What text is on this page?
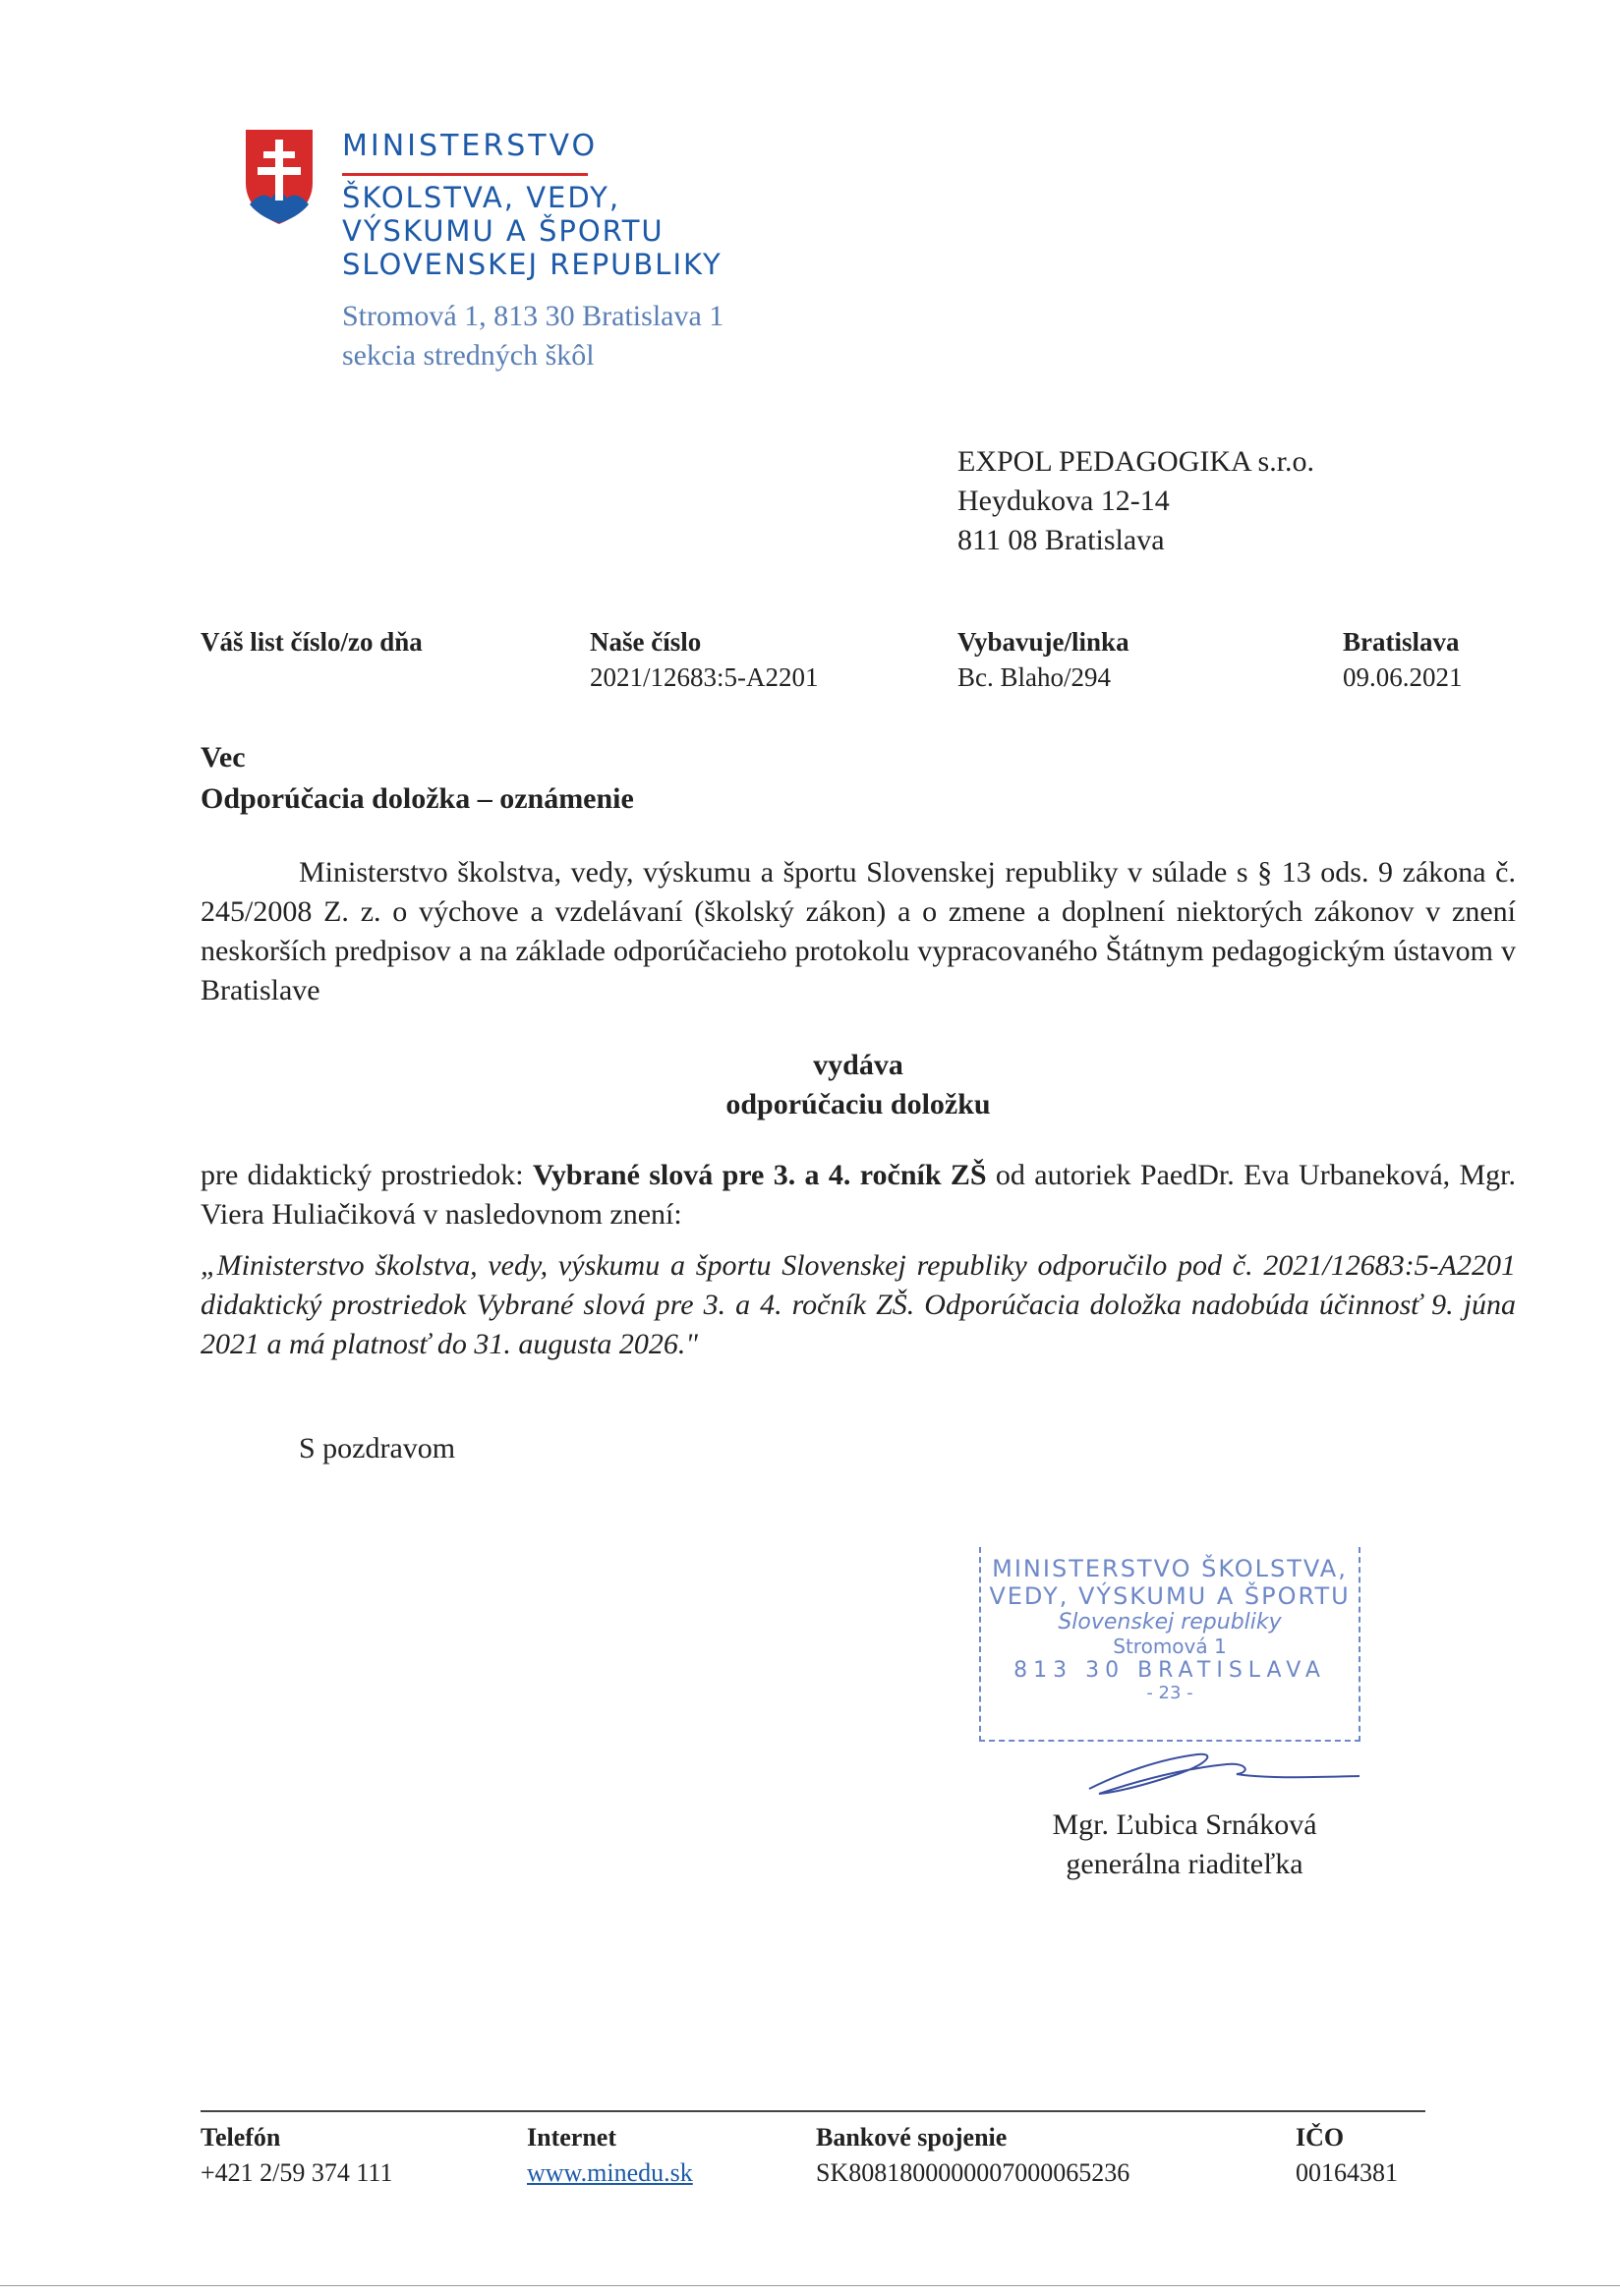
MINISTERSTVO
ŠKOLSTVA, VEDY,
VÝSKUMU A ŠPORTU
SLOVENSKEJ REPUBLIKY
Stromová 1, 813 30 Bratislava 1
sekcia stredných škôl
EXPOL PEDAGOGIKA s.r.o.
Heydukova 12-14
811 08 Bratislava
Váš list číslo/zo dňa	Naše číslo
2021/12683:5-A2201
Vybavuje/linka
Bc. Blaho/294
Bratislava
09.06.2021
Vec
Odporúčacia doložka – oznámenie
Ministerstvo školstva, vedy, výskumu a športu Slovenskej republiky v súlade s § 13 ods. 9 zákona č. 245/2008 Z. z. o výchove a vzdelávaní (školský zákon) a o zmene a doplnení niektorých zákonov v znení neskorších predpisov a na základe odporúčacieho protokolu vypracovaného Štátnym pedagogickým ústavom v Bratislave
vydáva
odporúčaciu doložku
pre didaktický prostriedok: Vybrané slová pre 3. a 4. ročník ZŠ od autoriek PaedDr. Eva Urbaneková, Mgr. Viera Huliačiková v nasledovnom znení:
„Ministerstvo školstva, vedy, výskumu a športu Slovenskej republiky odporučilo pod č. 2021/12683:5-A2201 didaktický prostriedok Vybrané slová pre 3. a 4. ročník ZŠ. Odporúčacia doložka nadobúda účinnosť 9. júna 2021 a má platnosť do 31. augusta 2026."
S pozdravom
MINISTERSTVO ŠKOLSTVA,
VEDY, VÝSKUMU A ŠPORTU
Slovenskej republiky
Stromová 1
813 30 BRATISLAVA
- 23 -
Mgr. Ľubica Srnáková
generálna riaditeľka
Telefón
+421 2/59 374 111
Internet
www.minedu.sk
Bankové spojenie
SK8081800000007000065236
IČO
00164381
